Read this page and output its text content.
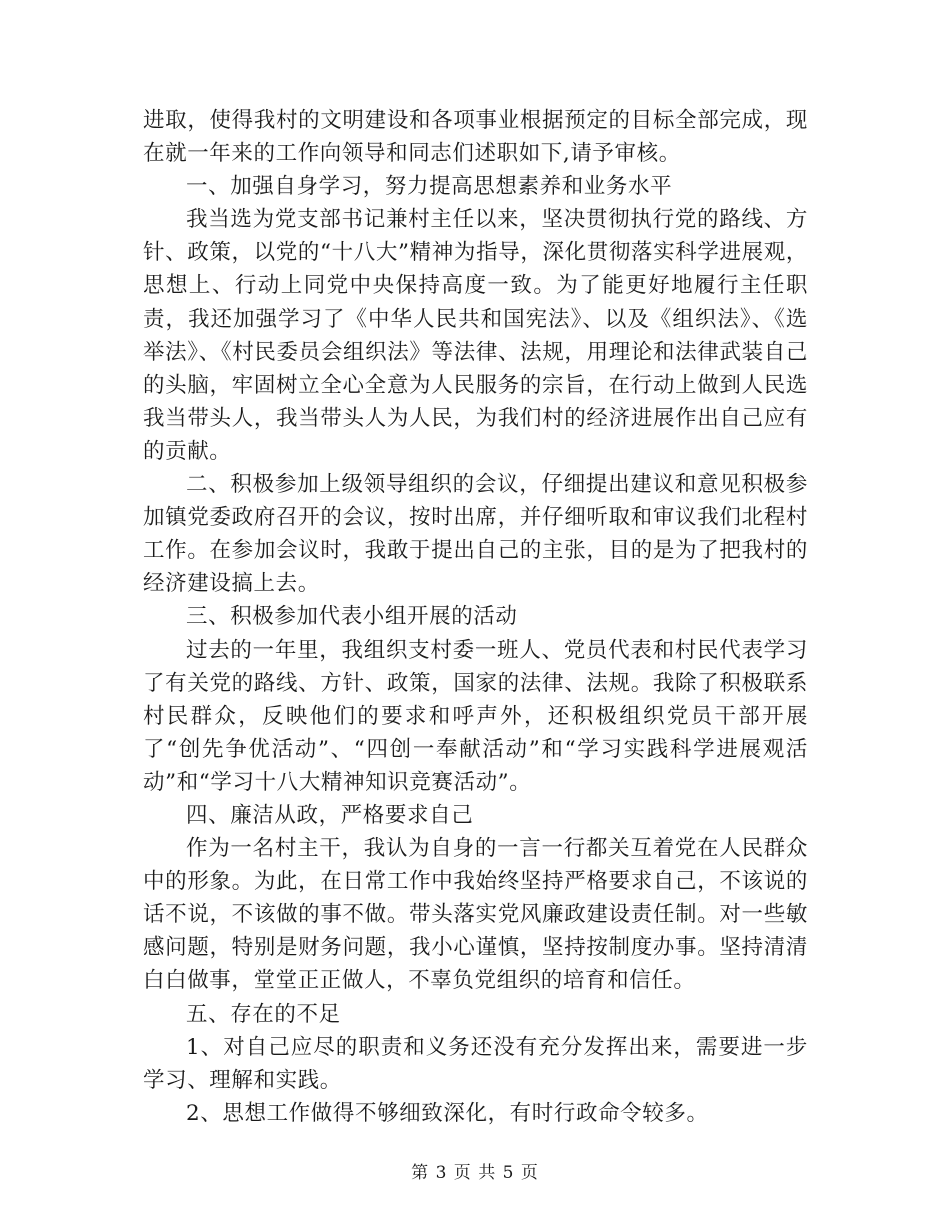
进取，使得我村的文明建设和各项事业根据预定的目标全部完成，现在就一年来的工作向领导和同志们述职如下,请予审核。

一、加强自身学习，努力提高思想素养和业务水平

我当选为党支部书记兼村主任以来，坚决贯彻执行党的路线、方针、政策，以党的“十八大”精神为指导，深化贯彻落实科学进展观，思想上、行动上同党中央保持高度一致。为了能更好地履行主任职责，我还加强学习了《中华人民共和国宪法》、以及《组织法》、《选举法》、《村民委员会组织法》等法律、法规，用理论和法律武装自己的头脑，牢固树立全心全意为人民服务的宗旨，在行动上做到人民选我当带头人，我当带头人为人民，为我们村的经济进展作出自己应有的贡献。

二、积极参加上级领导组织的会议，仔细提出建议和意见积极参加镇党委政府召开的会议，按时出席，并仔细听取和审议我们北程村工作。在参加会议时，我敢于提出自己的主张，目的是为了把我村的经济建设搞上去。

三、积极参加代表小组开展的活动

过去的一年里，我组织支村委一班人、党员代表和村民代表学习了有关党的路线、方针、政策，国家的法律、法规。我除了积极联系村民群众，反映他们的要求和呼声外，还积极组织党员干部开展了“创先争优活动”、“四创一奉献活动”和“学习实践科学进展观活动”和“学习十八大精神知识竞赛活动”。

四、廉洁从政，严格要求自己

作为一名村主干，我认为自身的一言一行都关互着党在人民群众中的形象。为此，在日常工作中我始终坚持严格要求自己，不该说的话不说，不该做的事不做。带头落实党风廉政建设责任制。对一些敏感问题，特别是财务问题，我小心谨慎，坚持按制度办事。坚持清清白白做事，堂堂正正做人，不辜负党组织的培育和信任。

五、存在的不足

1、对自己应尽的职责和义务还没有充分发挥出来，需要进一步学习、理解和实践。

2、思想工作做得不够细致深化，有时行政命令较多。

第 3 页 共 5 页
